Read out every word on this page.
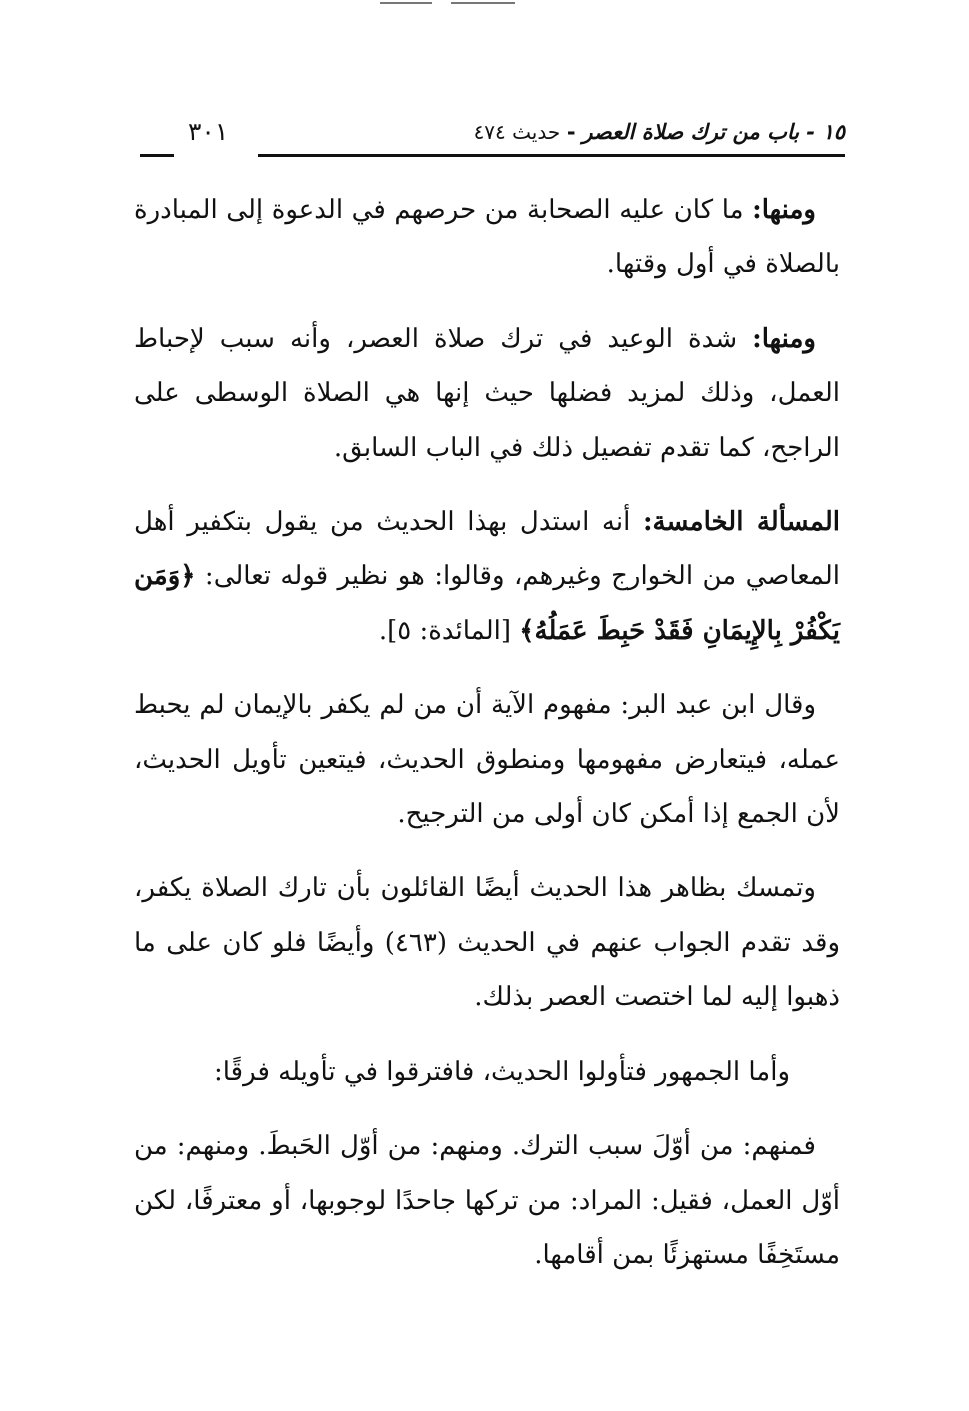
١٥ - باب من ترك صلاة العصر - حديث ٤٧٤
٣٠١

ومنها: ما كان عليه الصحابة من حرصهم في الدعوة إلى المبادرة بالصلاة في أول وقتها.

ومنها: شدة الوعيد في ترك صلاة العصر، وأنه سبب لإحباط العمل، وذلك لمزيد فضلها حيث إنها هي الصلاة الوسطى على الراجح، كما تقدم تفصيل ذلك في الباب السابق.

المسألة الخامسة: أنه استدل بهذا الحديث من يقول بتكفير أهل المعاصي من الخوارج وغيرهم، وقالوا: هو نظير قوله تعالى: ﴿وَمَن يَكْفُرْ بِالإِيمَانِ فَقَدْ حَبِطَ عَمَلُهُ﴾ [المائدة: ٥].

وقال ابن عبد البر: مفهوم الآية أن من لم يكفر بالإيمان لم يحبط عمله، فيتعارض مفهومها ومنطوق الحديث، فيتعين تأويل الحديث، لأن الجمع إذا أمكن كان أولى من الترجيح.

وتمسك بظاهر هذا الحديث أيضًا القائلون بأن تارك الصلاة يكفر، وقد تقدم الجواب عنهم في الحديث (٤٦٣) وأيضًا فلو كان على ما ذهبوا إليه لما اختصت العصر بذلك.

وأما الجمهور فتأولوا الحديث، فافترقوا في تأويله فرقًا:

فمنهم: من أوّلَ سبب الترك. ومنهم: من أوّل الحَبطَ. ومنهم: من أوّل العمل، فقيل: المراد: من تركها جاحدًا لوجوبها، أو معترفًا، لكن مستَخِفًا مستهزئًا بمن أقامها.
